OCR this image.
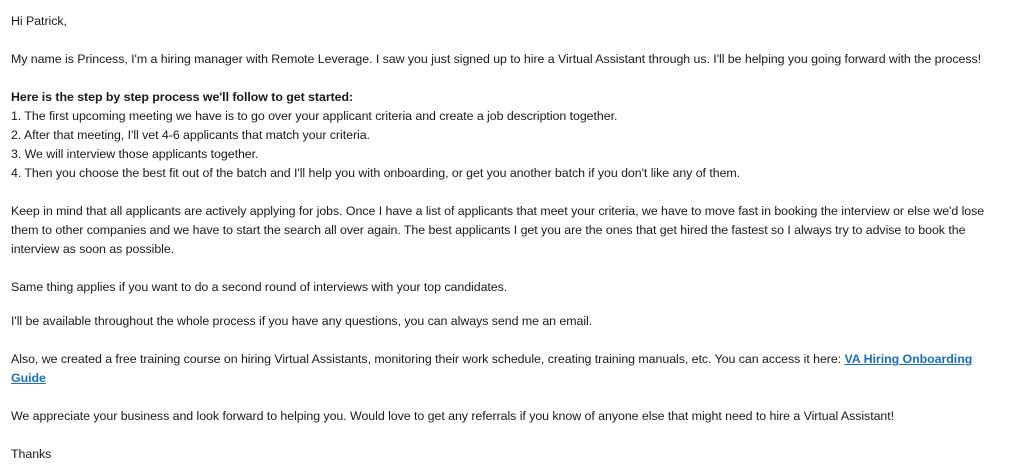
Hi Patrick,

My name is Princess, I'm a hiring manager with Remote Leverage. I saw you just signed up to hire a Virtual Assistant through us. I'll be helping you going forward with the process!

Here is the step by step process we'll follow to get started:

1. The first upcoming meeting we have is to go over your applicant criteria and create a job description together.

2. After that meeting, I'll vet 4-6 applicants that match your criteria.

3. We will interview those applicants together.

4. Then you choose the best fit out of the batch and I'll help you with onboarding, or get you another batch if you don't like any of them.

Keep in mind that all applicants are actively applying for jobs. Once I have a list of applicants that meet your criteria, we have to move fast in booking the interview or else we'd lose

them to other companies and we have to start the search all over again. The best applicants I get you are the ones that get hired the fastest so I always try to advise to book the

interview as soon as possible.

Same thing applies if you want to do a second round of interviews with your top candidates.

I'll be available throughout the whole process if you have any questions, you can always send me an email.

Also, we created a free training course on hiring Virtual Assistants, monitoring their work schedule, creating training manuals, etc. You can access it here: VA Hiring Onboarding

Guide

We appreciate your business and look forward to helping you. Would love to get any referrals if you know of anyone else that might need to hire a Virtual Assistant!

Thanks
